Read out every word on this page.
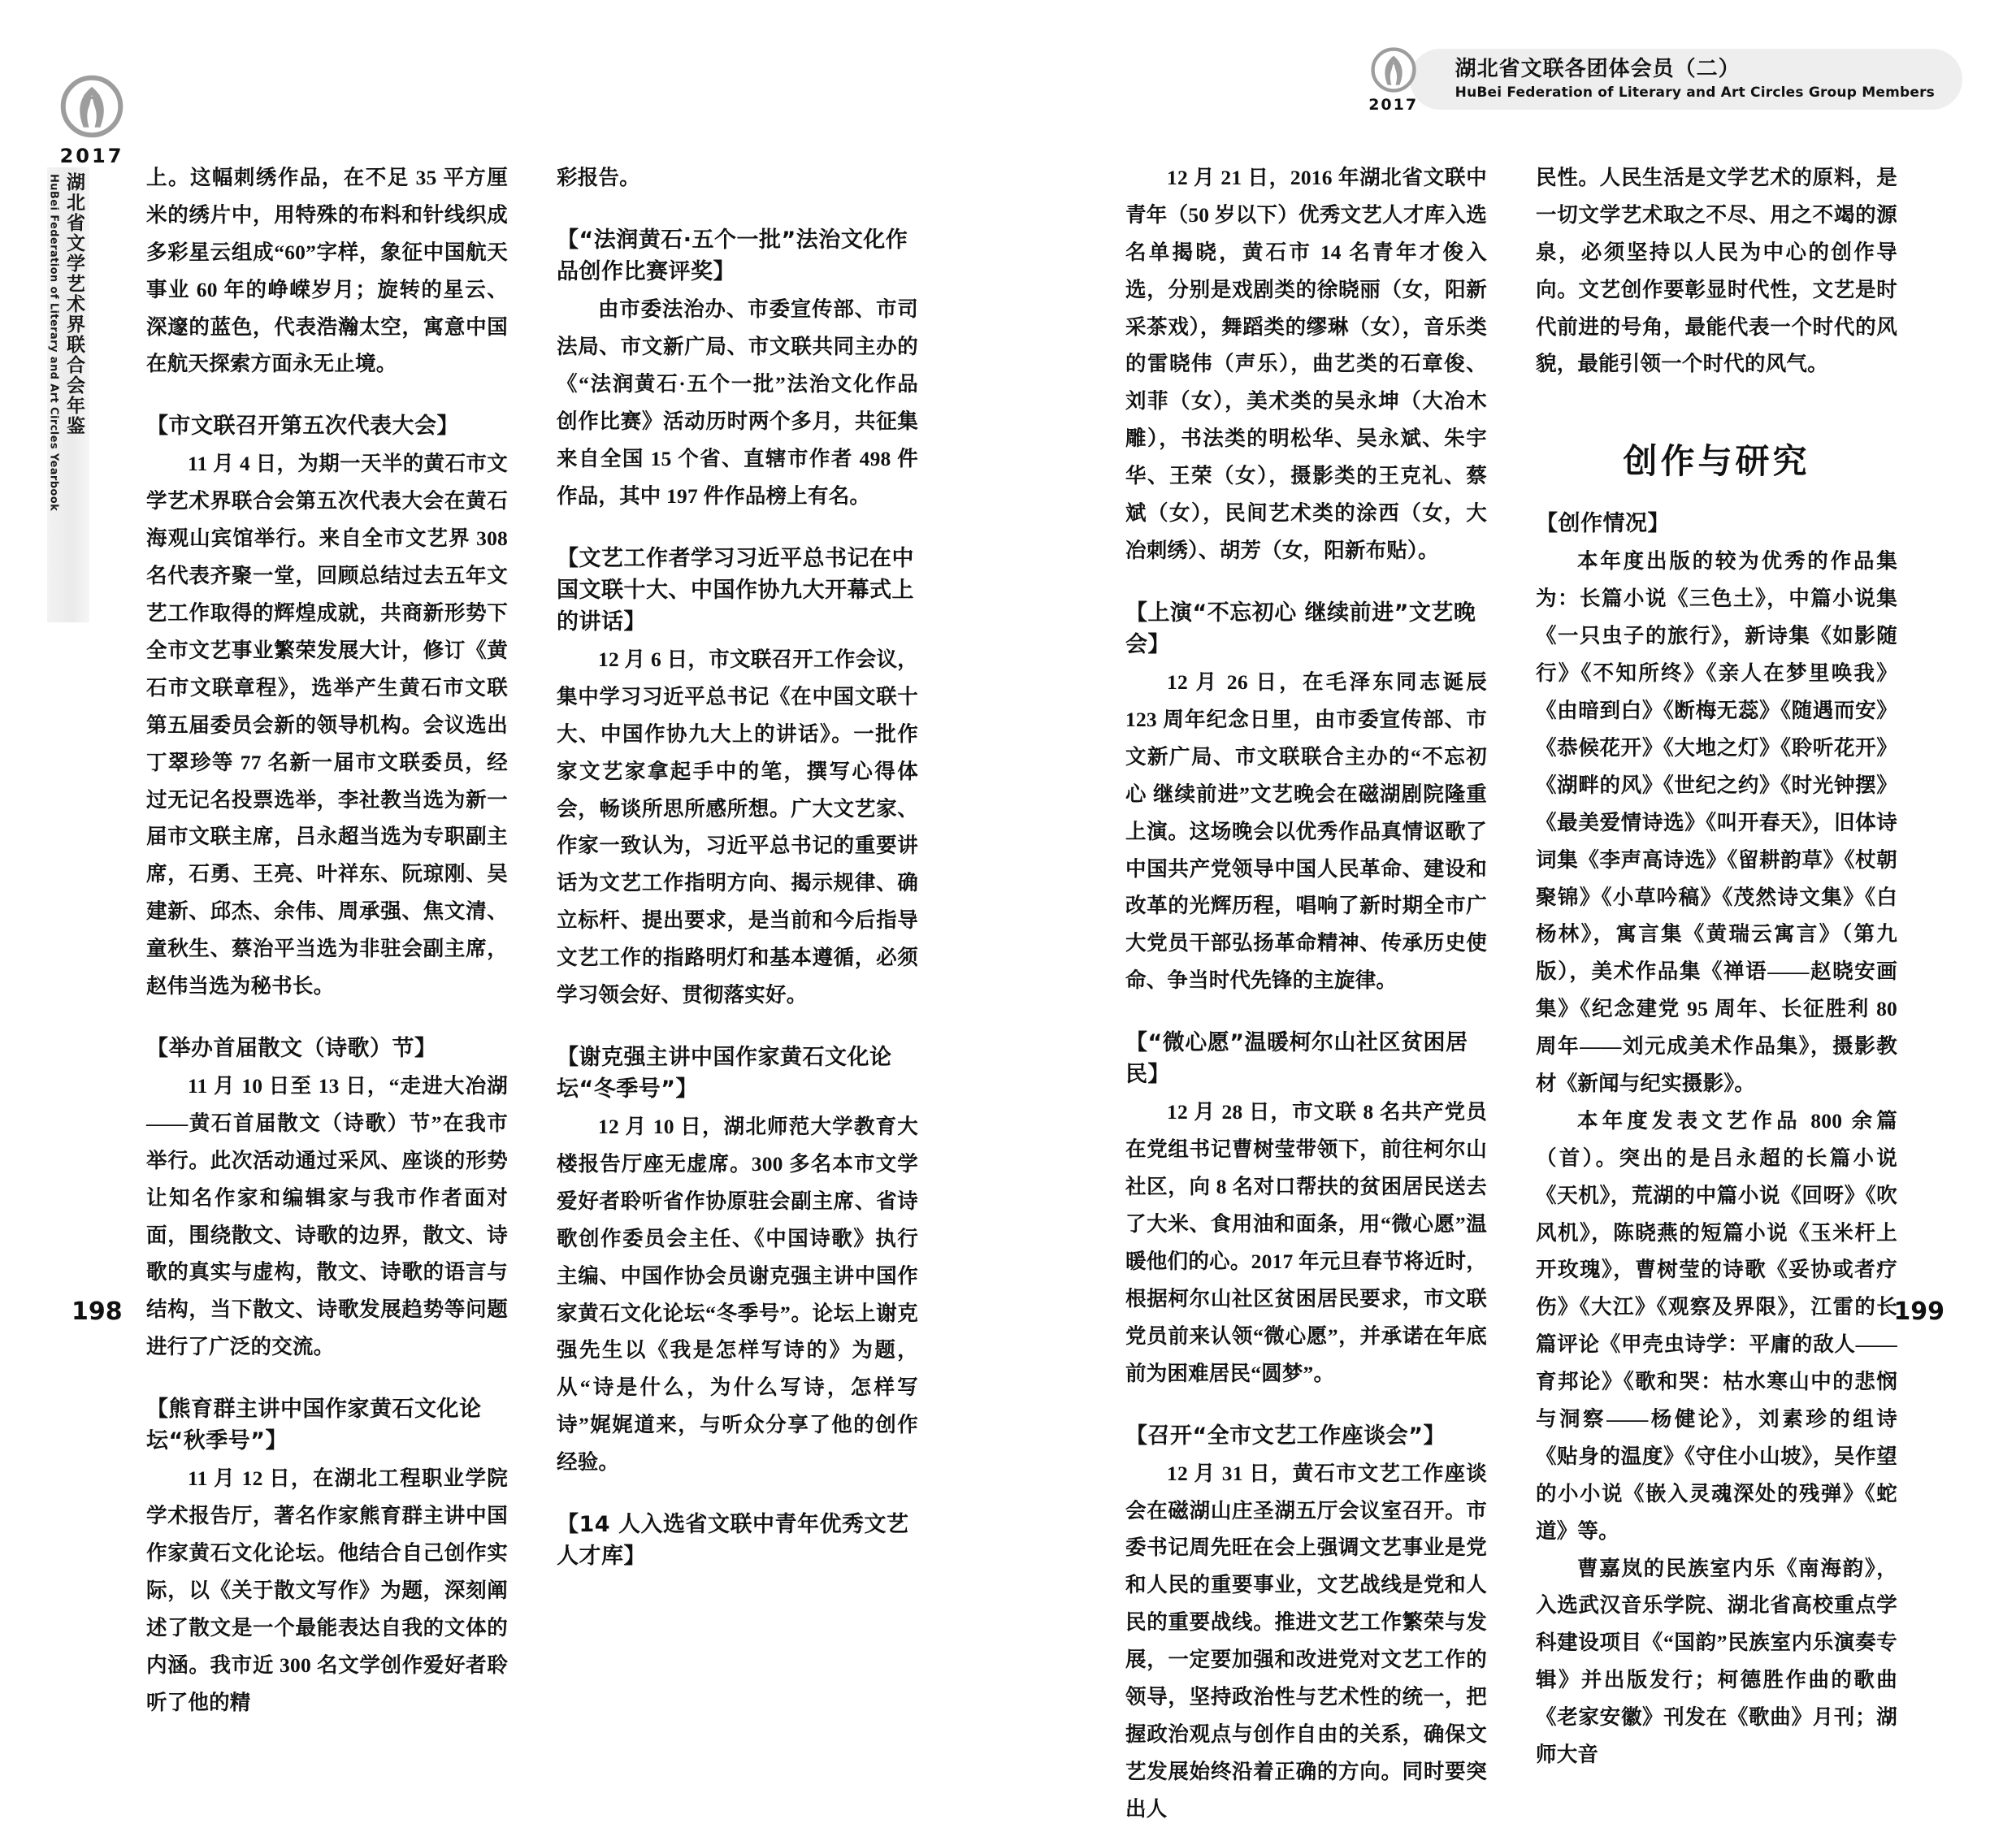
2017
湖北省文学艺术界联合会年鉴
HuBei Federation of Literary and Art Circles Yearbook
2017
湖北省文联各团体会员（二）
HuBei Federation of Literary and Art Circles Group Members

上。这幅刺绣作品，在不足 35 平方厘米的绣片中，用特殊的布料和针线织成多彩星云组成“60”字样，象征中国航天事业 60 年的峥嵘岁月；旋转的星云、深邃的蓝色，代表浩瀚太空，寓意中国在航天探索方面永无止境。

【市文联召开第五次代表大会】

11 月 4 日，为期一天半的黄石市文学艺术界联合会第五次代表大会在黄石海观山宾馆举行。来自全市文艺界 308 名代表齐聚一堂，回顾总结过去五年文艺工作取得的辉煌成就，共商新形势下全市文艺事业繁荣发展大计，修订《黄石市文联章程》，选举产生黄石市文联第五届委员会新的领导机构。会议选出丁翠珍等 77 名新一届市文联委员，经过无记名投票选举，李社教当选为新一届市文联主席，吕永超当选为专职副主席，石勇、王亮、叶祥东、阮琼刚、吴建新、邱杰、余伟、周承强、焦文清、童秋生、蔡治平当选为非驻会副主席，赵伟当选为秘书长。

【举办首届散文（诗歌）节】

11 月 10 日至 13 日，“走进大冶湖——黄石首届散文（诗歌）节”在我市举行。此次活动通过采风、座谈的形势让知名作家和编辑家与我市作者面对面，围绕散文、诗歌的边界，散文、诗歌的真实与虚构，散文、诗歌的语言与结构，当下散文、诗歌发展趋势等问题进行了广泛的交流。

【熊育群主讲中国作家黄石文化论坛“秋季号”】

11 月 12 日，在湖北工程职业学院学术报告厅，著名作家熊育群主讲中国作家黄石文化论坛。他结合自己创作实际，以《关于散文写作》为题，深刻阐述了散文是一个最能表达自我的文体的内涵。我市近 300 名文学创作爱好者聆听了他的精

彩报告。

【“法润黄石·五个一批”法治文化作品创作比赛评奖】

由市委法治办、市委宣传部、市司法局、市文新广局、市文联共同主办的《“法润黄石·五个一批”法治文化作品创作比赛》活动历时两个多月，共征集来自全国 15 个省、直辖市作者 498 件作品，其中 197 件作品榜上有名。

【文艺工作者学习习近平总书记在中国文联十大、中国作协九大开幕式上的讲话】

12 月 6 日，市文联召开工作会议，集中学习习近平总书记《在中国文联十大、中国作协九大上的讲话》。一批作家文艺家拿起手中的笔，撰写心得体会，畅谈所思所感所想。广大文艺家、作家一致认为，习近平总书记的重要讲话为文艺工作指明方向、揭示规律、确立标杆、提出要求，是当前和今后指导文艺工作的指路明灯和基本遵循，必须学习领会好、贯彻落实好。

【谢克强主讲中国作家黄石文化论坛“冬季号”】

12 月 10 日，湖北师范大学教育大楼报告厅座无虚席。300 多名本市文学爱好者聆听省作协原驻会副主席、省诗歌创作委员会主任、《中国诗歌》执行主编、中国作协会员谢克强主讲中国作家黄石文化论坛“冬季号”。论坛上谢克强先生以《我是怎样写诗的》为题，从“诗是什么，为什么写诗，怎样写诗”娓娓道来，与听众分享了他的创作经验。

【14 人入选省文联中青年优秀文艺人才库】

12 月 21 日，2016 年湖北省文联中青年（50 岁以下）优秀文艺人才库入选名单揭晓，黄石市 14 名青年才俊入选，分别是戏剧类的徐晓丽（女，阳新采茶戏），舞蹈类的缪琳（女），音乐类的雷晓伟（声乐），曲艺类的石章俊、刘菲（女），美术类的吴永坤（大冶木雕），书法类的明松华、吴永斌、朱宇华、王荣（女），摄影类的王克礼、蔡斌（女），民间艺术类的涂西（女，大冶刺绣）、胡芳（女，阳新布贴）。

【上演“不忘初心 继续前进”文艺晚会】

12 月 26 日，在毛泽东同志诞辰 123 周年纪念日里，由市委宣传部、市文新广局、市文联联合主办的“不忘初心 继续前进”文艺晚会在磁湖剧院隆重上演。这场晚会以优秀作品真情讴歌了中国共产党领导中国人民革命、建设和改革的光辉历程，唱响了新时期全市广大党员干部弘扬革命精神、传承历史使命、争当时代先锋的主旋律。

【“微心愿”温暖柯尔山社区贫困居民】

12 月 28 日，市文联 8 名共产党员在党组书记曹树莹带领下，前往柯尔山社区，向 8 名对口帮扶的贫困居民送去了大米、食用油和面条，用“微心愿”温暖他们的心。2017 年元旦春节将近时，根据柯尔山社区贫困居民要求，市文联党员前来认领“微心愿”，并承诺在年底前为困难居民“圆梦”。

【召开“全市文艺工作座谈会”】

12 月 31 日，黄石市文艺工作座谈会在磁湖山庄圣湖五厅会议室召开。市委书记周先旺在会上强调文艺事业是党和人民的重要事业，文艺战线是党和人民的重要战线。推进文艺工作繁荣与发展，一定要加强和改进党对文艺工作的领导，坚持政治性与艺术性的统一，把握政治观点与创作自由的关系，确保文艺发展始终沿着正确的方向。同时要突出人

民性。人民生活是文学艺术的原料，是一切文学艺术取之不尽、用之不竭的源泉，必须坚持以人民为中心的创作导向。文艺创作要彰显时代性，文艺是时代前进的号角，最能代表一个时代的风貌，最能引领一个时代的风气。

创作与研究
【创作情况】

本年度出版的较为优秀的作品集为：长篇小说《三色土》，中篇小说集《一只虫子的旅行》，新诗集《如影随行》《不知所终》《亲人在梦里唤我》《由暗到白》《断梅无蕊》《随遇而安》《恭候花开》《大地之灯》《聆听花开》《湖畔的风》《世纪之约》《时光钟摆》《最美爱情诗选》《叫开春天》，旧体诗词集《李声高诗选》《留耕韵草》《杖朝聚锦》《小草吟稿》《茂然诗文集》《白杨林》，寓言集《黄瑞云寓言》（第九版），美术作品集《禅语——赵晓安画集》《纪念建党 95 周年、长征胜利 80 周年——刘元成美术作品集》，摄影教材《新闻与纪实摄影》。

本年度发表文艺作品 800 余篇（首）。突出的是吕永超的长篇小说《天机》，荒湖的中篇小说《回呀》《吹风机》，陈晓燕的短篇小说《玉米杆上开玫瑰》，曹树莹的诗歌《妥协或者疗伤》《大江》《观察及界限》，江雷的长篇评论《甲壳虫诗学：平庸的敌人——育邦论》《歌和哭：枯水寒山中的悲悯与洞察——杨健论》，刘素珍的组诗《贴身的温度》《守住小山坡》，吴作望的小小说《嵌入灵魂深处的残弹》《蛇道》等。

曹嘉岚的民族室内乐《南海韵》，入选武汉音乐学院、湖北省高校重点学科建设项目《“国韵”民族室内乐演奏专辑》并出版发行；柯德胜作曲的歌曲《老家安徽》刊发在《歌曲》月刊；湖师大音

198	199
